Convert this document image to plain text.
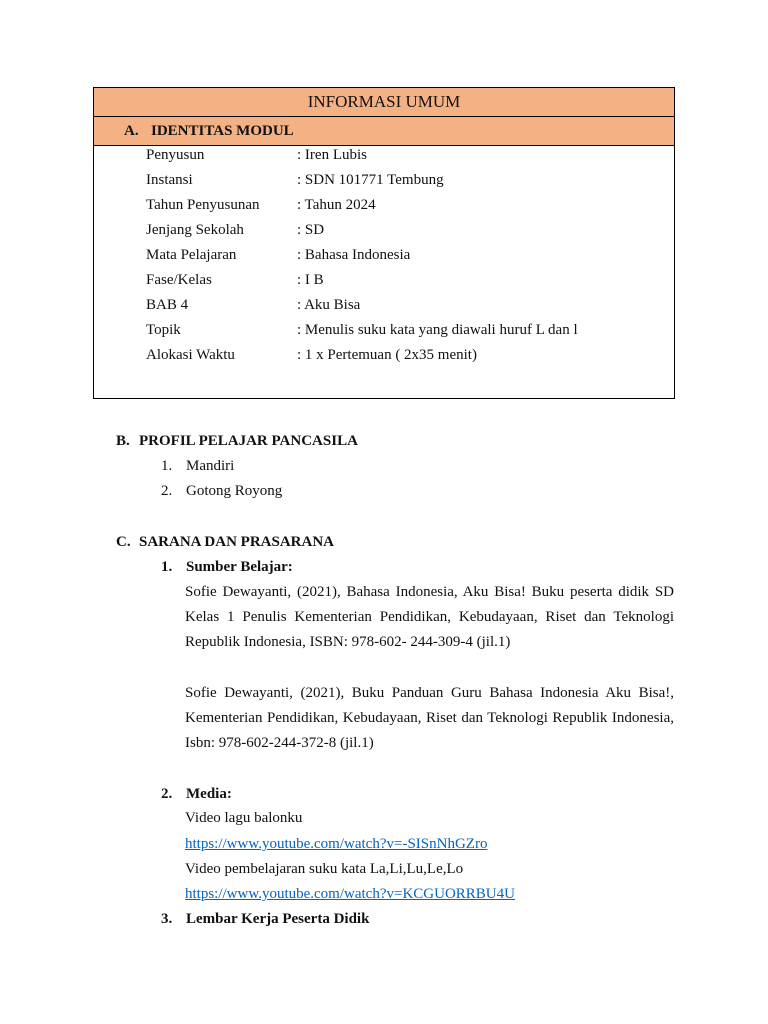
INFORMASI UMUM
A. IDENTITAS MODUL
Penyusun	: Iren Lubis
Instansi	: SDN 101771 Tembung
Tahun Penyusunan : Tahun 2024
Jenjang Sekolah	: SD
Mata Pelajaran	: Bahasa Indonesia
Fase/Kelas	: I B
BAB 4	: Aku Bisa
Topik	: Menulis suku kata yang diawali huruf L dan l
Alokasi Waktu	: 1 x Pertemuan ( 2x35 menit)
B. PROFIL PELAJAR PANCASILA
1. Mandiri
2. Gotong Royong
C. SARANA DAN PRASARANA
1. Sumber Belajar:

Sofie Dewayanti, (2021), Bahasa Indonesia, Aku Bisa! Buku peserta didik SD Kelas 1 Penulis Kementerian Pendidikan, Kebudayaan, Riset dan Teknologi Republik Indonesia, ISBN: 978-602- 244-309-4 (jil.1)

Sofie Dewayanti, (2021), Buku Panduan Guru Bahasa Indonesia Aku Bisa!, Kementerian Pendidikan, Kebudayaan, Riset dan Teknologi Republik Indonesia, Isbn: 978-602-244-372-8 (jil.1)

2. Media:
Video lagu balonku
https://www.youtube.com/watch?v=-SISnNhGZro
Video pembelajaran suku kata La,Li,Lu,Le,Lo
https://www.youtube.com/watch?v=KCGUORRBU4U
3. Lembar Kerja Peserta Didik
